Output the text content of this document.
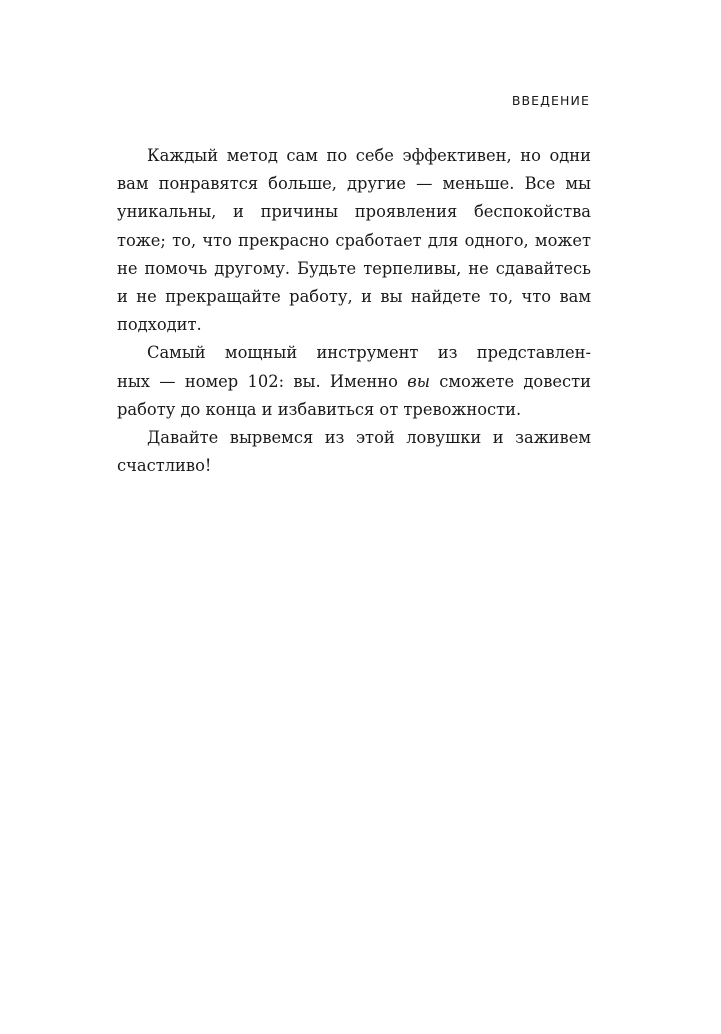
ВВЕДЕНИЕ

Каждый метод сам по себе эффективен, но одни
вам понравятся больше, другие — меньше. Все мы
уникальны, и причины проявления беспокойства
тоже; то, что прекрасно сработает для одного, может
не помочь другому. Будьте терпеливы, не сдавайтесь
и не прекращайте работу, и вы найдете то, что вам
подходит.

Самый мощный инструмент из представлен-
ных — номер 102: вы. Именно вы сможете довести
работу до конца и избавиться от тревожности.

Давайте вырвемся из этой ловушки и заживем
счастливо!
